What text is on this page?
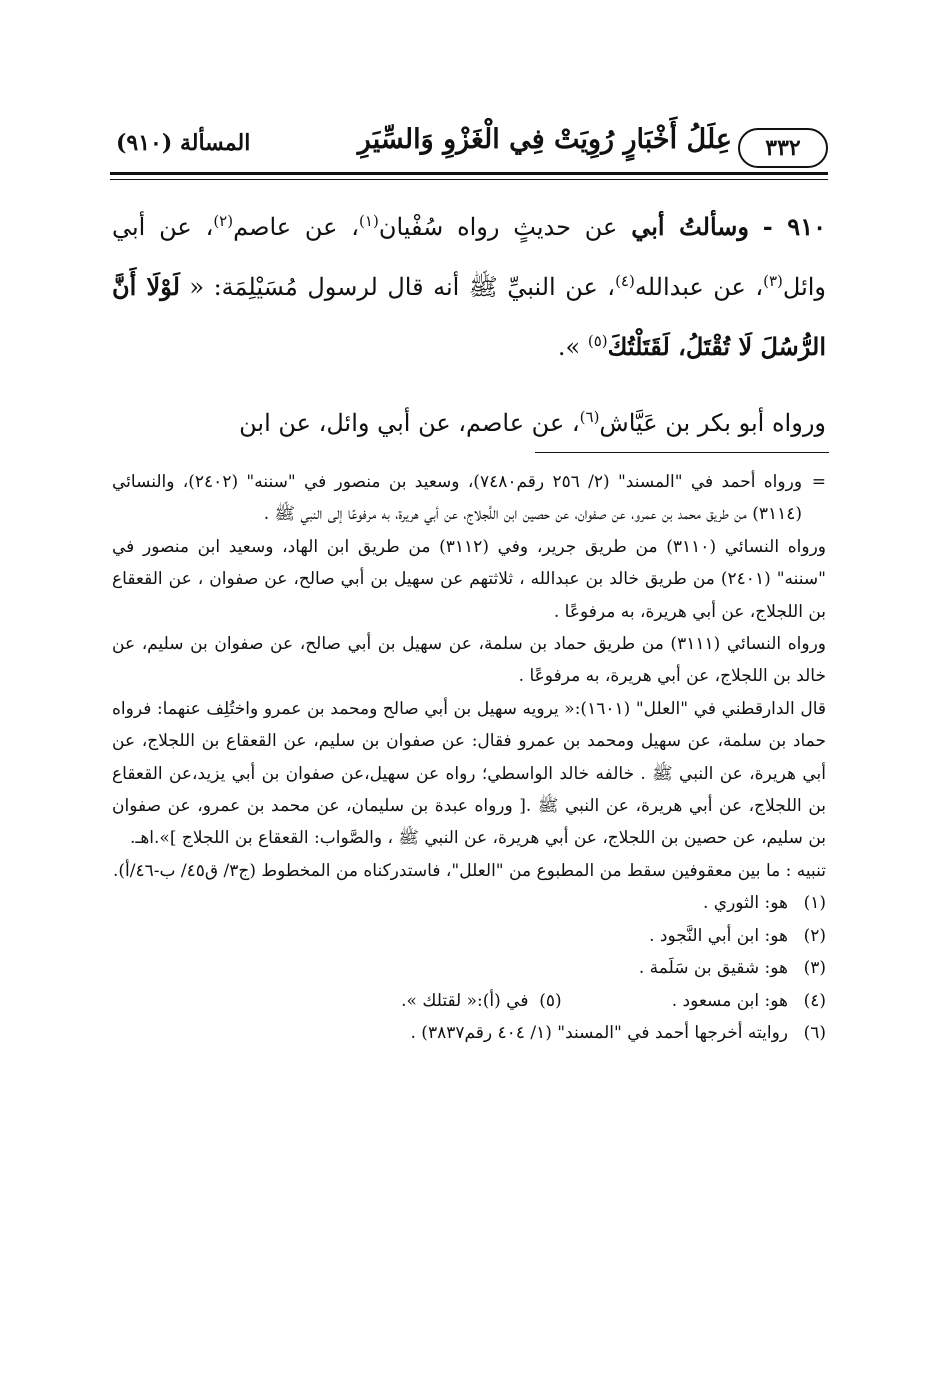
٣٣٢
عِلَلُ أَخْبَارٍ رُوِيَتْ فِي الْغَزْوِ وَالسِّيَرِ
المسألة (٩١٠)

٩١٠ - وسألتُ أبي عن حديثٍ رواه سُفْيان$^{(١)}$، عن عاصم$^{(٢)}$، عن أبي وائل$^{(٣)}$، عن عبدالله$^{(٤)}$، عن النبيِّ ﷺ أنه قال لرسول مُسَيْلِمَة: « لَوْلَا أَنَّ الرُّسُلَ لَا تُقْتَلُ، لَقَتَلْتُكَ$^{(٥)}$ ».

ورواه أبو بكر بن عَيَّاش$^{(٦)}$، عن عاصم، عن أبي وائل، عن ابن

=
ورواه أحمد في "المسند" (٢/ ٢٥٦ رقم٧٤٨٠)، وسعيد بن منصور في "سننه" (٢٤٠٢)، والنسائي (٣١١٤) من طريق محمد بن عمرو، عن صفوان، عن حصين ابن اللَّجلاج، عن أبي هريرة، به مرفوعًا إلى النبي ﷺ .

ورواه النسائي (٣١١٠) من طريق جرير، وفي (٣١١٢) من طريق ابن الهاد، وسعيد ابن منصور في "سننه" (٢٤٠١) من طريق خالد بن عبدالله ، ثلاثتهم عن سهيل بن أبي صالح، عن صفوان ، عن القعقاع بن اللجلاج، عن أبي هريرة، به مرفوعًا .

ورواه النسائي (٣١١١) من طريق حماد بن سلمة، عن سهيل بن أبي صالح، عن صفوان بن سليم، عن خالد بن اللجلاج، عن أبي هريرة، به مرفوعًا .

قال الدارقطني في "العلل" (١٦٠١):« يرويه سهيل بن أبي صالح ومحمد بن عمرو واختُلِف عنهما: فرواه حماد بن سلمة، عن سهيل ومحمد بن عمرو فقال: عن صفوان بن سليم، عن القعقاع بن اللجلاج، عن أبي هريرة، عن النبي ﷺ . خالفه خالد الواسطي؛ رواه عن سهيل،عن صفوان بن أبي يزيد،عن القعقاع بن اللجلاج، عن أبي هريرة، عن النبي ﷺ .[ ورواه عبدة بن سليمان، عن محمد بن عمرو، عن صفوان بن سليم، عن حصين بن اللجلاج، عن أبي هريرة، عن النبي ﷺ ، والصَّواب: القعقاع بن اللجلاج ]».اهـ.

تنبيه : ما بين معقوفين سقط من المطبوع من "العلل"، فاستدركناه من المخطوط (ج٣/ ق٤٥/ ب-٤٦/أ).

(١)
هو: الثوري .
(٢)
هو: ابن أبي النَّجود .
(٣)
هو: شقيق بن سَلَمة .
(٤)
هو: ابن مسعود .
(٥)

في (أ):« لقتلك ».
(٦)
روايته أخرجها أحمد في "المسند" (١/ ٤٠٤ رقم٣٨٣٧) .
